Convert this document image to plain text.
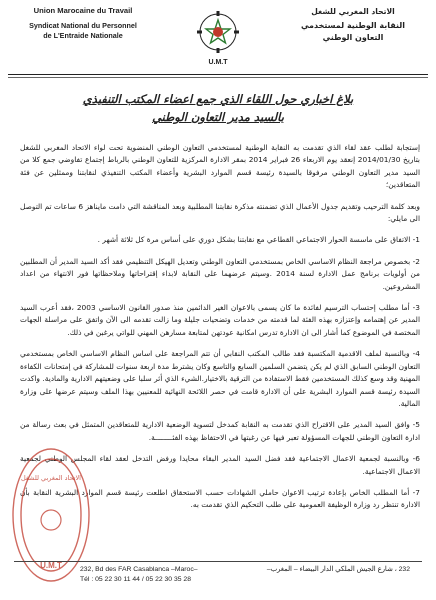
Union Marocaine du Travail
Syndicat National du Personnel
de L'Entraide Nationale
U.M.T
الاتحاد المغربي للشغل
النقابة الوطنية لمستخدمي
التعاون الوطني
بلاغ اخباري حول اللقاء الذي جمع اعضاء المكتب التنفيذي
بالسيد مدير التعاون الوطني

إستجابة لطلب عقد لقاء الذي تقدمت به النقابة الوطنية لمستخدمي التعاون الوطني المنضوية تحت لواء الاتحاد المغربي للشغل بتاريخ 2014/01/30 إنعقد يوم الاربعاء 26 فبراير 2014 بمقر الادارة المركزية للتعاون الوطني بالرباط إجتماع تفاوضي جمع كلا من السيد مدير التعاون الوطني مرفوقا بالسيدة رئيسة قسم الموارد البشرية وأعضاء المكتب التنفيذي لنقابتنا وممثلين عن فئة المتعاقدين؛

وبعد كلمة الترحيب وتقديم جدول الأعمال الذي تضمنته مذكرة نقابتنا المطلبية وبعد المناقشة التي دامت مايناهز 6 ساعات تم التوصل الى مايلي:

1- الاتفاق على ماسسة الحوار الاجتماعي القطاعي مع نقابتنا بشكل دوري على أساس مرة كل ثلاثة أشهر .

2- بخصوص مراجعة النظام الاساسي الخاص بمستخدمي التعاون الوطني وتعديل الهيكل التنظيمي فقد أكد السيد المدير أن المطلبين من أولويات برنامج عمل الادارة لسنة 2014 .وسيتم عرضهما على النقابة لابداء إقتراحاتها وملاحظاتها فور الانتهاء من اعداد المشروعين.

3- أما مطلب إحتساب الترسيم لفائدة ما كان يسمى بالاعوان الغير الدائمين منذ صدور القانون الاساسي 2003 ،فقد أعرب السيد المدير عن إهتمامه وإعتزازه بهذه الفئة لما قدمته من خدمات وتضحيات جليلة وما زالت تقدمه الى الآن واتفق على مراسلة الجهات المختصة في الموضوع كما أشار الى ان الادارة تدرس امكانية عودتهن لمتابعة مسارهن المهني للواتي يرغبن في ذلك.

4- وبالنسبة لملف الاقدمية المكتسبة فقد طالب المكتب النقابي أن تتم المراجعة على اساس النظام الاساسي الخاص بمستخدمي التعاون الوطني السابق الذي لم يكن يتضمن السلمين السابع والتاسع وكان يشترط مدة اربعة سنوات للمشاركة في إمتحانات الكفاءة المهنية وقد وسع كذلك المستخدمين فقط الاستفادة من الترقية بالاختيار.الشيء الذي أثر سلبا على وضعيتهم الادارية والمادية. واكدت السيدة رئيسة قسم الموارد البشرية على أن الادارة قامت في حصر اللائحة النهائية للمعنيين بهذا الملف وسيتم عرضها على وزارة المالية.

5- وافق السيد المدير على الاقتراح الذي تقدمت به النقابة كمدخل لتسوية الوضعية الادارية للمتعاقدين المتمثل في بعث رسالة من ادارة التعاون الوطني للجهات المسؤولة تعبر فيها عن رغبتها في الاحتفاظ بهذه الفئــــــــة.

6- وبالنسبة لجمعية الاعمال الاجتماعية فقد فضل السيد المدير البقاء محايدا ورفض التدخل لعقد لقاء المجلس الوطني لجمعية الاعمال الاجتماعية.

7- أما المطلب الخاص بإعادة ترتيب الاعوان حاملي الشهادات حسب الاستحقاق اطلعت رئيسة قسم الموارد البشرية النقابة بأن الادارة تنتظر رد وزارة الوظيفة العمومية على طلب التحكيم الذي تقدمت به.

الاتحاد المغربي للشغل
U.M.T	232, Bd des FAR Casablanca –Maroc–	232 ، شارع الجيش الملكي الدار البيضاء – المغرب–
Tél : 05 22 30 11 44 / 05 22 30 35 28
